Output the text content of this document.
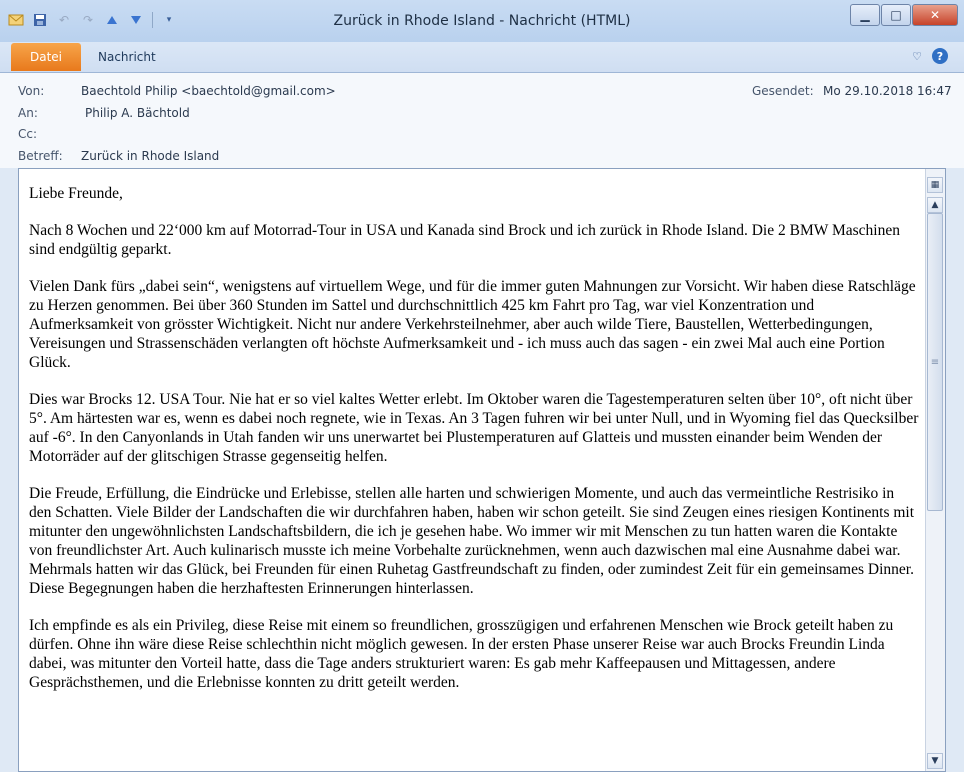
↶ ↷	▾	Zurück in Rhode Island - Nachricht (HTML)	▁	□	✕
Datei	Nachricht	♡	?
Von:	Baechtold Philip <baechtold@gmail.com>
An:	Philip A. Bächtold
Cc:
Betreff: Zurück in Rhode Island
Gesendet: Mo 29.10.2018 16:47

Liebe Freunde,

Nach 8 Wochen und 22‘000 km auf Motorrad-Tour in USA und Kanada sind Brock und ich zurück in Rhode Island. Die 2 BMW Maschinen sind endgültig geparkt.

Vielen Dank fürs „dabei sein“, wenigstens auf virtuellem Wege, und für die immer guten Mahnungen zur Vorsicht. Wir haben diese Ratschläge zu Herzen genommen. Bei über 360 Stunden im Sattel und durchschnittlich 425 km Fahrt pro Tag, war viel Konzentration und Aufmerksamkeit von grösster Wichtigkeit. Nicht nur andere Verkehrsteilnehmer, aber auch wilde Tiere, Baustellen, Wetterbedingungen, Vereisungen und Strassenschäden verlangten oft höchste Aufmerksamkeit und - ich muss auch das sagen - ein zwei Mal auch eine Portion Glück.

Dies war Brocks 12. USA Tour. Nie hat er so viel kaltes Wetter erlebt. Im Oktober waren die Tagestemperaturen selten über 10°, oft nicht über 5°. Am härtesten war es, wenn es dabei noch regnete, wie in Texas. An 3 Tagen fuhren wir bei unter Null, und in Wyoming fiel das Quecksilber auf -6°. In den Canyonlands in Utah fanden wir uns unerwartet bei Plustemperaturen auf Glatteis und mussten einander beim Wenden der Motorräder auf der glitschigen Strasse gegenseitig helfen.

Die Freude, Erfüllung, die Eindrücke und Erlebisse, stellen alle harten und schwierigen Momente, und auch das vermeintliche Restrisiko in den Schatten. Viele Bilder der Landschaften die wir durchfahren haben, haben wir schon geteilt. Sie sind Zeugen eines riesigen Kontinents mit mitunter den ungewöhnlichsten Landschaftsbildern, die ich je gesehen habe. Wo immer wir mit Menschen zu tun hatten waren die Kontakte von freundlichster Art. Auch kulinarisch musste ich meine Vorbehalte zurücknehmen, wenn auch dazwischen mal eine Ausnahme dabei war. Mehrmals hatten wir das Glück, bei Freunden für einen Ruhetag Gastfreundschaft zu finden, oder zumindest Zeit für ein gemeinsames Dinner. Diese Begegnungen haben die herzhaftesten Erinnerungen hinterlassen.

Ich empfinde es als ein Privileg, diese Reise mit einem so freundlichen, grosszügigen und erfahrenen Menschen wie Brock geteilt haben zu dürfen. Ohne ihn wäre diese Reise schlechthin nicht möglich gewesen. In der ersten Phase unserer Reise war auch Brocks Freundin Linda dabei, was mitunter den Vorteil hatte, dass die Tage anders strukturiert waren: Es gab mehr Kaffeepausen und Mittagessen, andere Gesprächsthemen, und die Erlebnisse konnten zu dritt geteilt werden.

▦
▲
≡
▼
